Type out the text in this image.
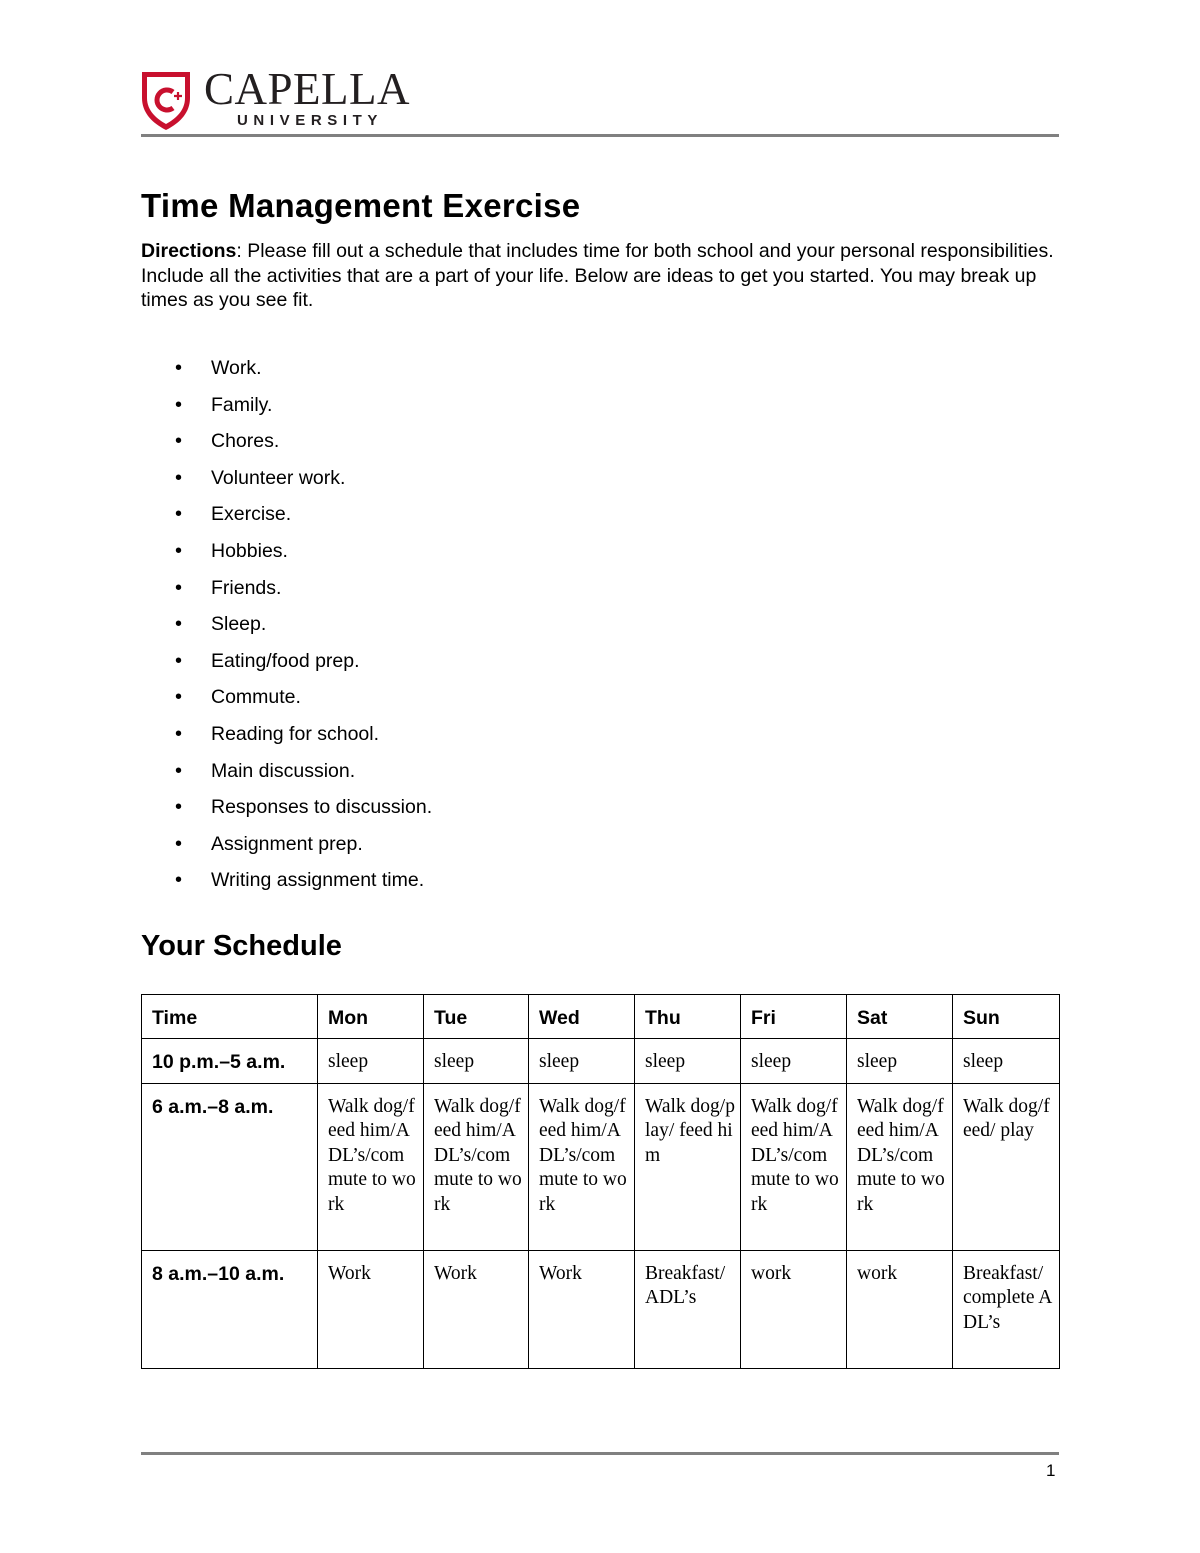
CAPELLA
UNIVERSITY
Time Management Exercise

Directions: Please fill out a schedule that includes time for both school and your personal responsibilities. Include all the activities that are a part of your life. Below are ideas to get you started. You may break up times as you see fit.

• Work.
• Family.
• Chores.
• Volunteer work.
• Exercise.
• Hobbies.
• Friends.
• Sleep.
• Eating/food prep.
• Commute.
• Reading for school.
• Main discussion.
• Responses to discussion.
• Assignment prep.
• Writing assignment time.
Your Schedule
Time	Mon	Tue	Wed	Thu	Fri	Sat	Sun
10 p.m.–5 a.m.	sleep	sleep	sleep	sleep	sleep	sleep	sleep
6 a.m.–8 a.m.	Walk dog/feed him/ADL’s/commute to work	Walk dog/feed him/ADL’s/commute to work	Walk dog/feed him/ADL’s/commute to work	Walk dog/play/ feed him	Walk dog/feed him/ADL’s/commute to work	Walk dog/feed him/ADL’s/commute to work	Walk dog/feed/ play
8 a.m.–10 a.m.	Work	Work	Work	Breakfast/ADL’s	work	work	Breakfast/ complete ADL’s
1
